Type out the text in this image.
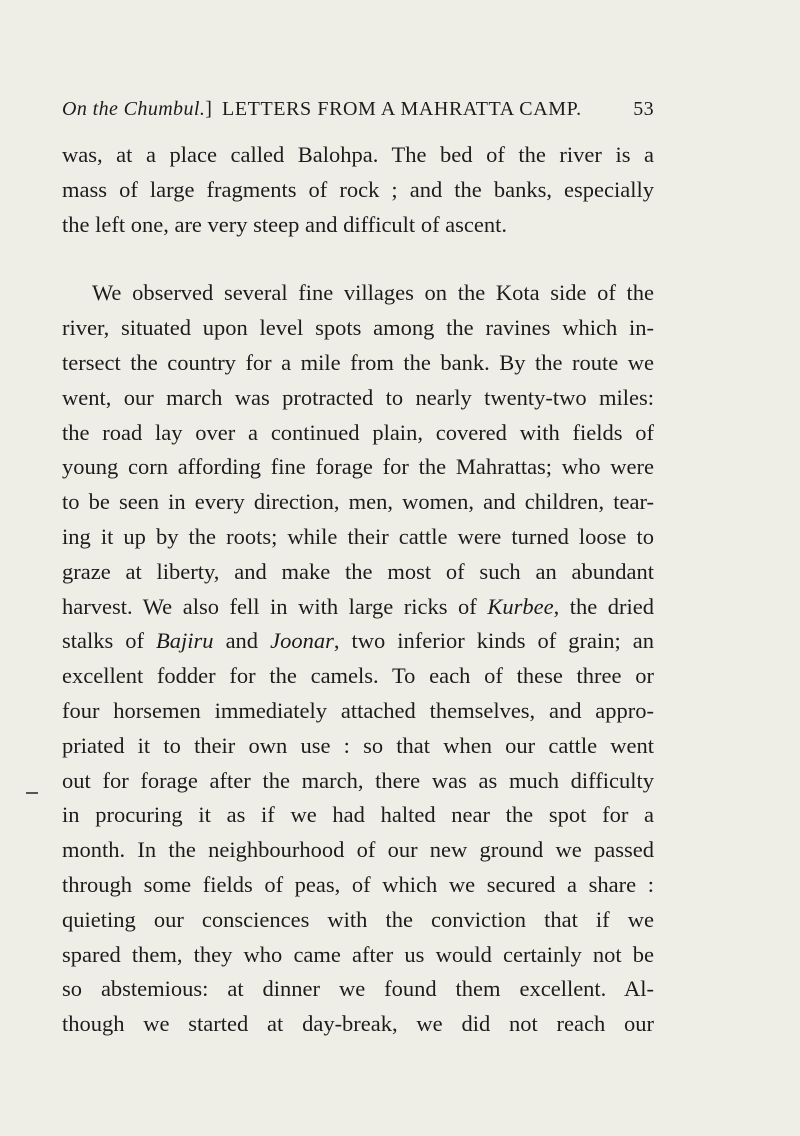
On the Chumbul.] LETTERS FROM A MAHRATTA CAMP.	53
was, at a place called Balohpa. The bed of the river is a
mass of large fragments of rock ; and the banks, especially
the left one, are very steep and difficult of ascent.
We observed several fine villages on the Kota side of the
river, situated upon level spots among the ravines which in-
tersect the country for a mile from the bank. By the route we
went, our march was protracted to nearly twenty-two miles:
the road lay over a continued plain, covered with fields of
young corn affording fine forage for the Mahrattas; who were
to be seen in every direction, men, women, and children, tear-
ing it up by the roots; while their cattle were turned loose to
graze at liberty, and make the most of such an abundant
harvest. We also fell in with large ricks of Kurbee, the dried
stalks of Bajiru and Joonar, two inferior kinds of grain; an
excellent fodder for the camels. To each of these three or
four horsemen immediately attached themselves, and appro-
priated it to their own use : so that when our cattle went
out for forage after the march, there was as much difficulty
in procuring it as if we had halted near the spot for a
month. In the neighbourhood of our new ground we passed
through some fields of peas, of which we secured a share :
quieting our consciences with the conviction that if we
spared them, they who came after us would certainly not be
so abstemious: at dinner we found them excellent. Al-
though we started at day-break, we did not reach our
